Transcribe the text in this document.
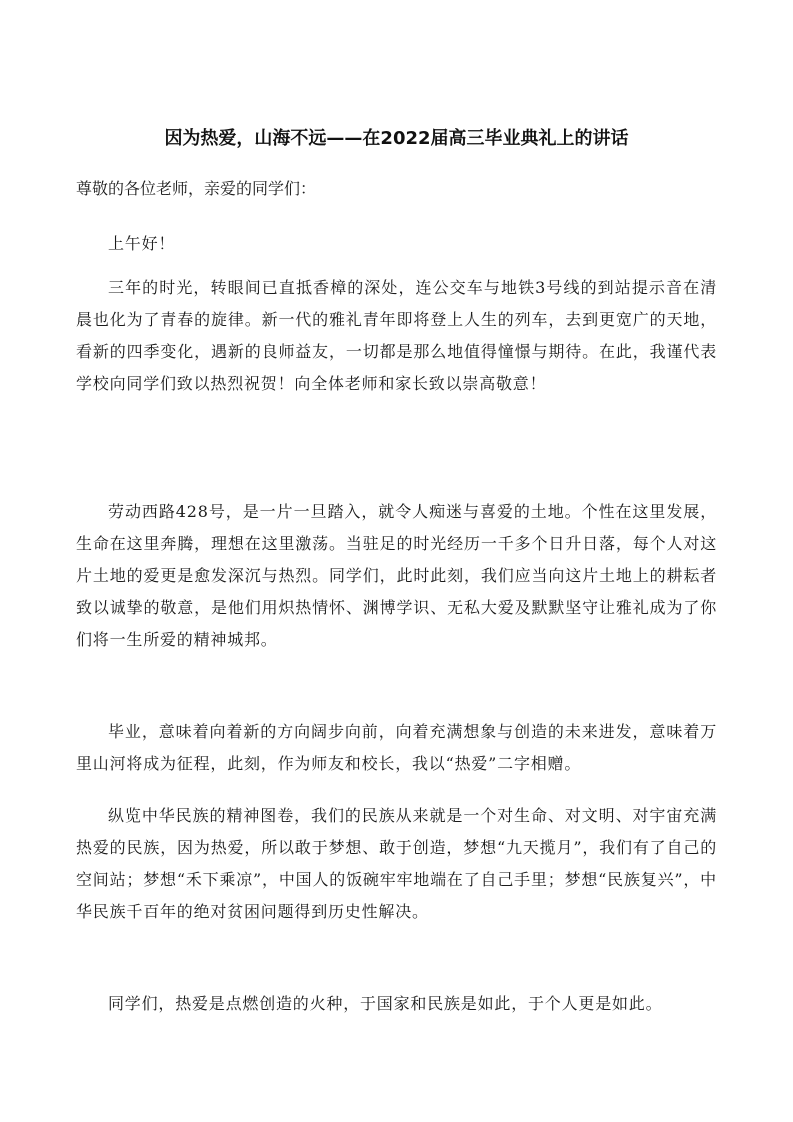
因为热爱，山海不远——在2022届高三毕业典礼上的讲话

尊敬的各位老师，亲爱的同学们：

上午好！

三年的时光，转眼间已直抵香樟的深处，连公交车与地铁3号线的到站提示音在清晨也化为了青春的旋律。新一代的雅礼青年即将登上人生的列车，去到更宽广的天地，看新的四季变化，遇新的良师益友，一切都是那么地值得憧憬与期待。在此，我谨代表学校向同学们致以热烈祝贺！向全体老师和家长致以崇高敬意！

劳动西路428号，是一片一旦踏入，就令人痴迷与喜爱的土地。个性在这里发展，生命在这里奔腾，理想在这里激荡。当驻足的时光经历一千多个日升日落，每个人对这片土地的爱更是愈发深沉与热烈。同学们，此时此刻，我们应当向这片土地上的耕耘者致以诚挚的敬意，是他们用炽热情怀、渊博学识、无私大爱及默默坚守让雅礼成为了你们将一生所爱的精神城邦。

毕业，意味着向着新的方向阔步向前，向着充满想象与创造的未来进发，意味着万里山河将成为征程，此刻，作为师友和校长，我以“热爱”二字相赠。

纵览中华民族的精神图卷，我们的民族从来就是一个对生命、对文明、对宇宙充满热爱的民族，因为热爱，所以敢于梦想、敢于创造，梦想“九天揽月”，我们有了自己的空间站；梦想“禾下乘凉”，中国人的饭碗牢牢地端在了自己手里；梦想“民族复兴”，中华民族千百年的绝对贫困问题得到历史性解决。

同学们，热爱是点燃创造的火种，于国家和民族是如此，于个人更是如此。
